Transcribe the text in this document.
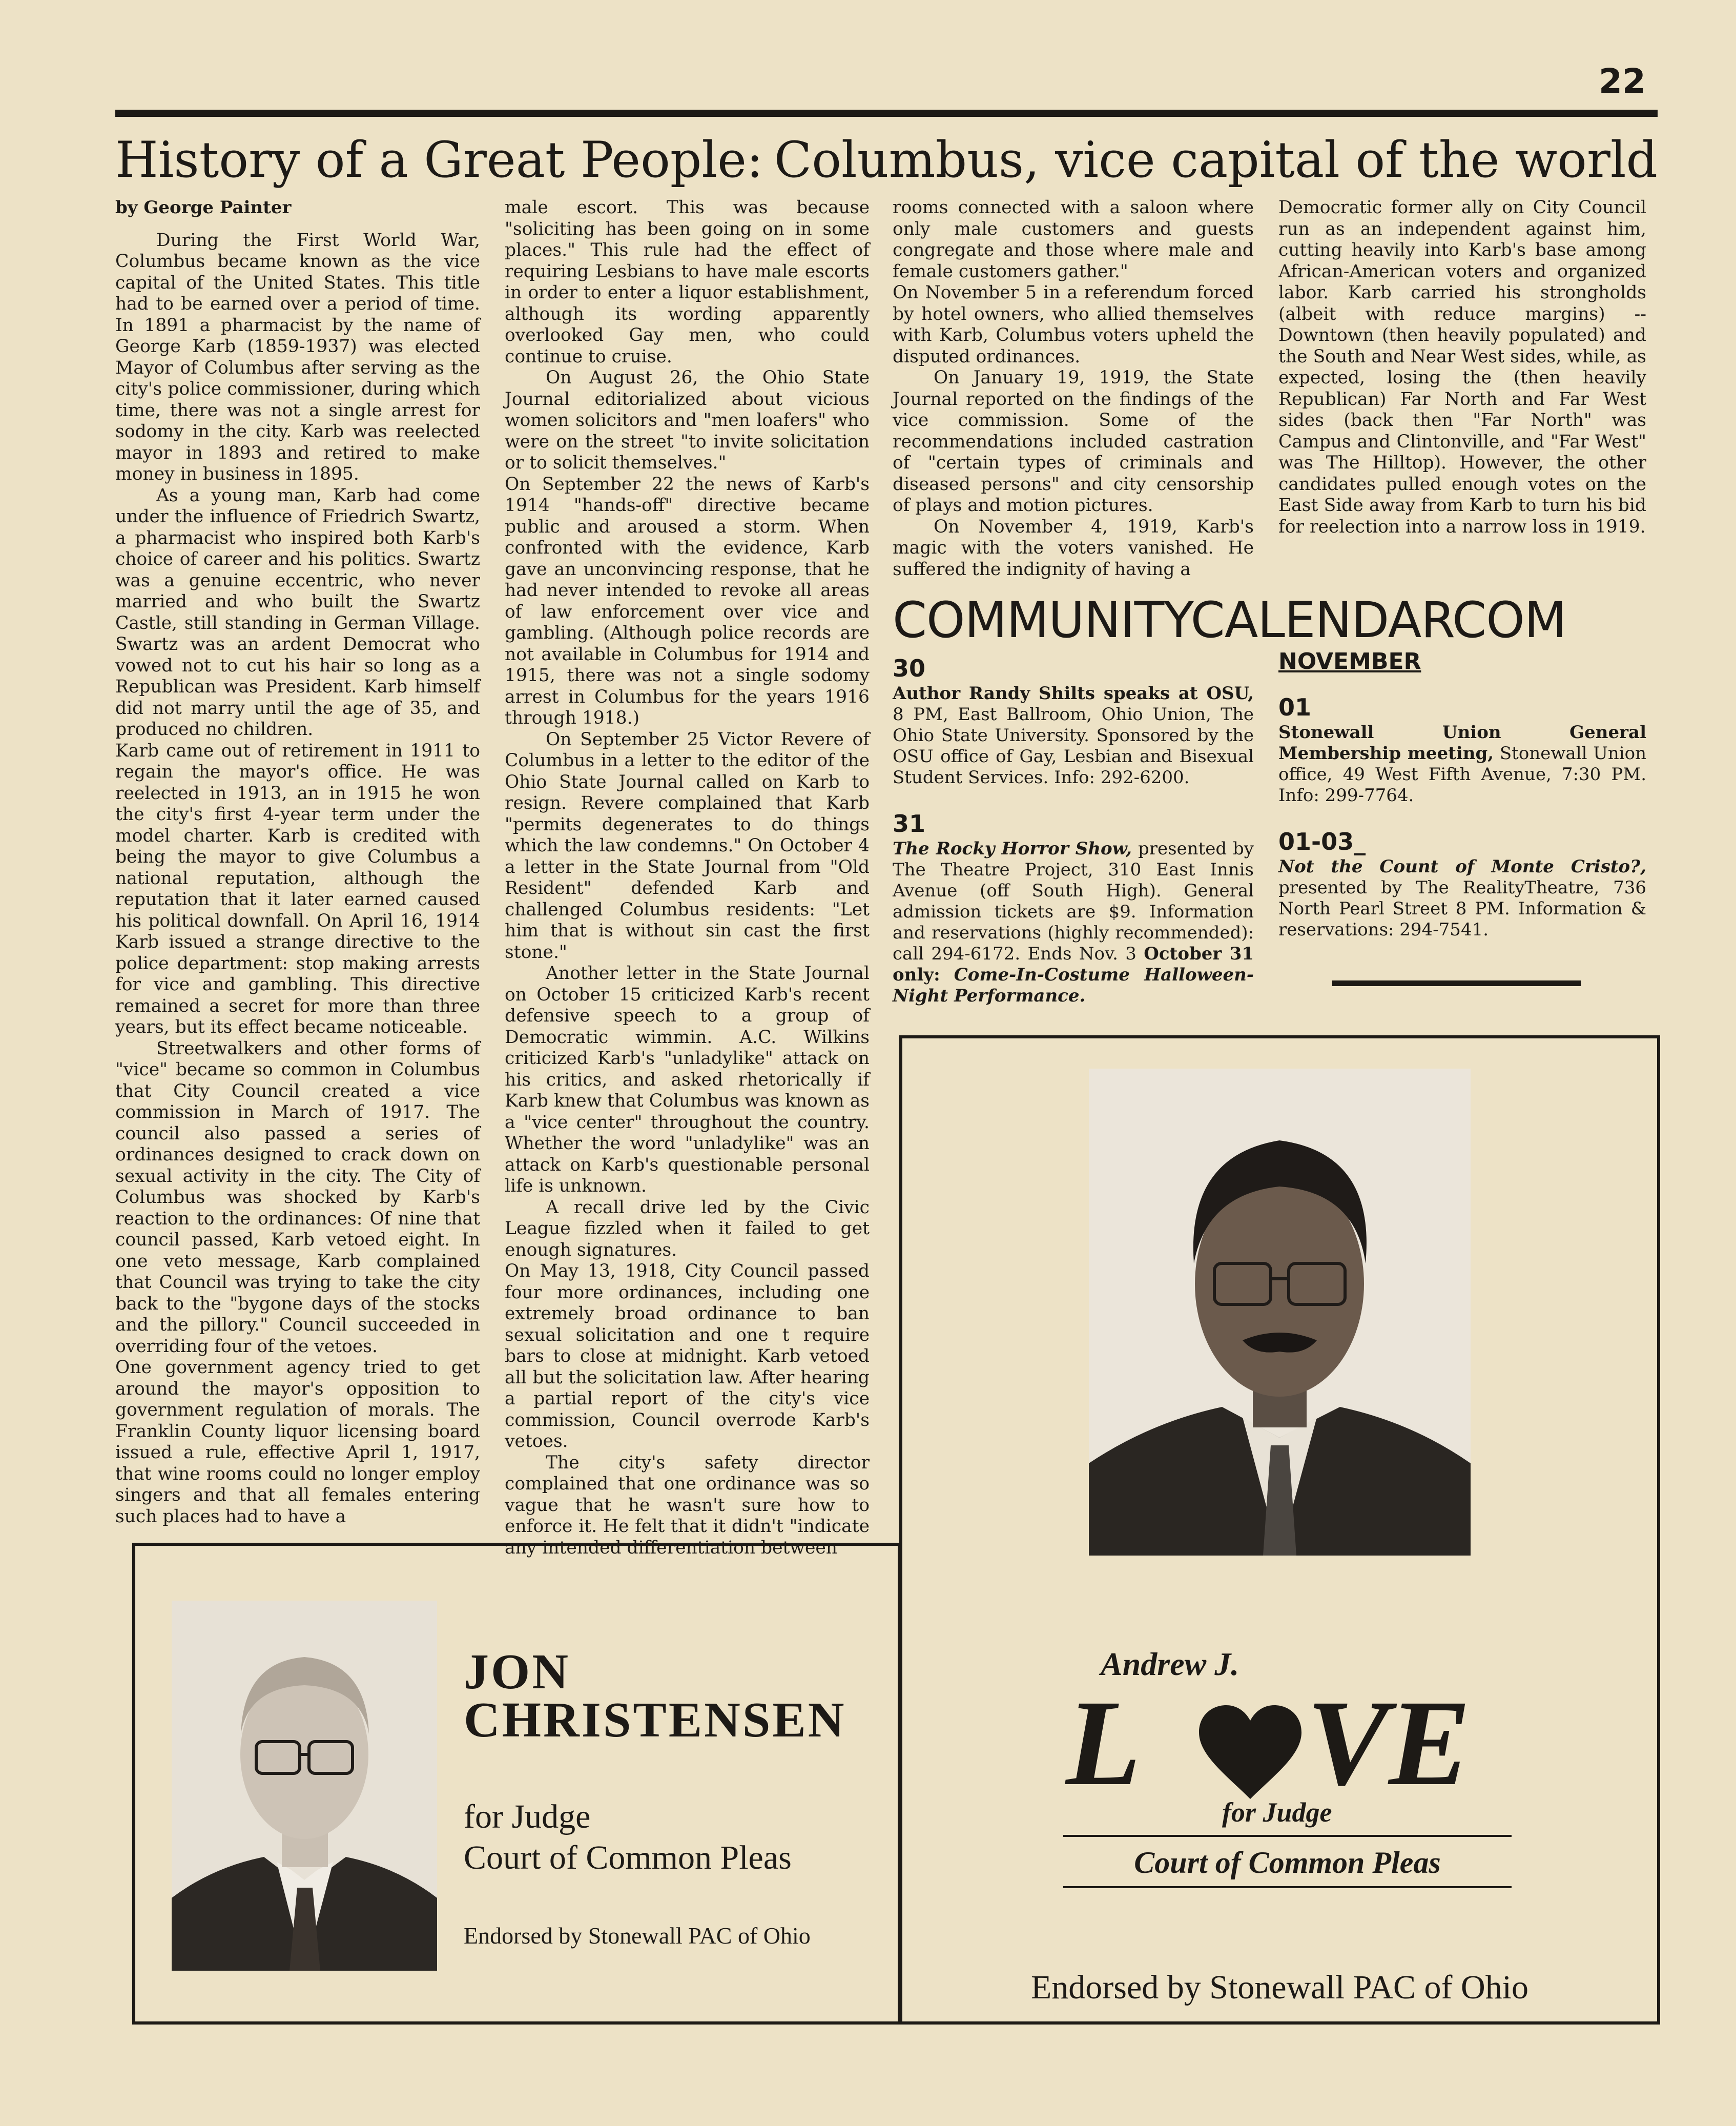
22
History of a Great People: Columbus, vice capital of the world

by George Painter

During the First World War, Columbus became known as the vice capital of the United States. This title had to be earned over a period of time. In 1891 a pharmacist by the name of George Karb (1859-1937) was elected Mayor of Columbus after serving as the city's police commissioner, during which time, there was not a single arrest for sodomy in the city. Karb was reelected mayor in 1893 and retired to make money in business in 1895.

As a young man, Karb had come under the influence of Friedrich Swartz, a pharmacist who inspired both Karb's choice of career and his politics. Swartz was a genuine eccentric, who never married and who built the Swartz Castle, still standing in German Village. Swartz was an ardent Democrat who vowed not to cut his hair so long as a Republican was President. Karb himself did not marry until the age of 35, and produced no children.

Karb came out of retirement in 1911 to regain the mayor's office. He was reelected in 1913, an in 1915 he won the city's first 4-year term under the model charter. Karb is credited with being the mayor to give Columbus a national reputation, although the reputation that it later earned caused his political downfall. On April 16, 1914 Karb issued a strange directive to the police department: stop making arrests for vice and gambling. This directive remained a secret for more than three years, but its effect became noticeable.

Streetwalkers and other forms of "vice" became so common in Columbus that City Council created a vice commission in March of 1917. The council also passed a series of ordinances designed to crack down on sexual activity in the city. The City of Columbus was shocked by Karb's reaction to the ordinances: Of nine that council passed, Karb vetoed eight. In one veto message, Karb complained that Council was trying to take the city back to the "bygone days of the stocks and the pillory." Council succeeded in overriding four of the vetoes.

One government agency tried to get around the mayor's opposition to government regulation of morals. The Franklin County liquor licensing board issued a rule, effective April 1, 1917, that wine rooms could no longer employ singers and that all females entering such places had to have a

male escort. This was because "soliciting has been going on in some places." This rule had the effect of requiring Lesbians to have male escorts in order to enter a liquor establishment, although its wording apparently overlooked Gay men, who could continue to cruise.

On August 26, the Ohio State Journal editorialized about vicious women solicitors and "men loafers" who were on the street "to invite solicitation or to solicit themselves."

On September 22 the news of Karb's 1914 "hands-off" directive became public and aroused a storm. When confronted with the evidence, Karb gave an unconvincing response, that he had never intended to revoke all areas of law enforcement over vice and gambling. (Although police records are not available in Columbus for 1914 and 1915, there was not a single sodomy arrest in Columbus for the years 1916 through 1918.)

On September 25 Victor Revere of Columbus in a letter to the editor of the Ohio State Journal called on Karb to resign. Revere complained that Karb "permits degenerates to do things which the law condemns." On October 4 a letter in the State Journal from "Old Resident" defended Karb and challenged Columbus residents: "Let him that is without sin cast the first stone."

Another letter in the State Journal on October 15 criticized Karb's recent defensive speech to a group of Democratic wimmin. A.C. Wilkins criticized Karb's "unladylike" attack on his critics, and asked rhetorically if Karb knew that Columbus was known as a "vice center" throughout the country. Whether the word "unladylike" was an attack on Karb's questionable personal life is unknown.

A recall drive led by the Civic League fizzled when it failed to get enough signatures.

On May 13, 1918, City Council passed four more ordinances, including one extremely broad ordinance to ban sexual solicitation and one t require bars to close at midnight. Karb vetoed all but the solicitation law. After hearing a partial report of the city's vice commission, Council overrode Karb's vetoes.

The city's safety director complained that one ordinance was so vague that he wasn't sure how to enforce it. He felt that it didn't "indicate any intended differentiation between

rooms connected with a saloon where only male customers and guests congregate and those where male and female customers gather."

On November 5 in a referendum forced by hotel owners, who allied themselves with Karb, Columbus voters upheld the disputed ordinances.

On January 19, 1919, the State Journal reported on the findings of the vice commission. Some of the recommendations included castration of "certain types of criminals and diseased persons" and city censorship of plays and motion pictures.

On November 4, 1919, Karb's magic with the voters vanished. He suffered the indignity of having a

Democratic former ally on City Council run as an independent against him, cutting heavily into Karb's base among African-American voters and organized labor. Karb carried his strongholds (albeit with reduce margins) -- Downtown (then heavily populated) and the South and Near West sides, while, as expected, losing the (then heavily Republican) Far North and Far West sides (back then "Far North" was Campus and Clintonville, and "Far West" was The Hilltop). However, the other candidates pulled enough votes on the East Side away from Karb to turn his bid for reelection into a narrow loss in 1919.

COMMUNITYCALENDARCOM
30

Author Randy Shilts speaks at OSU, 8 PM, East Ballroom, Ohio Union, The Ohio State University. Sponsored by the OSU office of Gay, Lesbian and Bisexual Student Services. Info: 292-6200.

31

The Rocky Horror Show, presented by The Theatre Project, 310 East Innis Avenue (off South High). General admission tickets are $9. Information and reservations (highly recommended): call 294-6172. Ends Nov. 3 October 31 only: Come-In-Costume Halloween-Night Performance.

NOVEMBER
01

Stonewall Union General Membership meeting, Stonewall Union office, 49 West Fifth Avenue, 7:30 PM. Info: 299-7764.

01-03_

Not the Count of Monte Cristo?, presented by The RealityTheatre, 736 North Pearl Street 8 PM. Information & reservations: 294-7541.

Andrew J.
L VE
for Judge
Court of Common Pleas
Endorsed by Stonewall PAC of Ohio
JON
CHRISTENSEN
for Judge
Court of Common Pleas
Endorsed by Stonewall PAC of Ohio
